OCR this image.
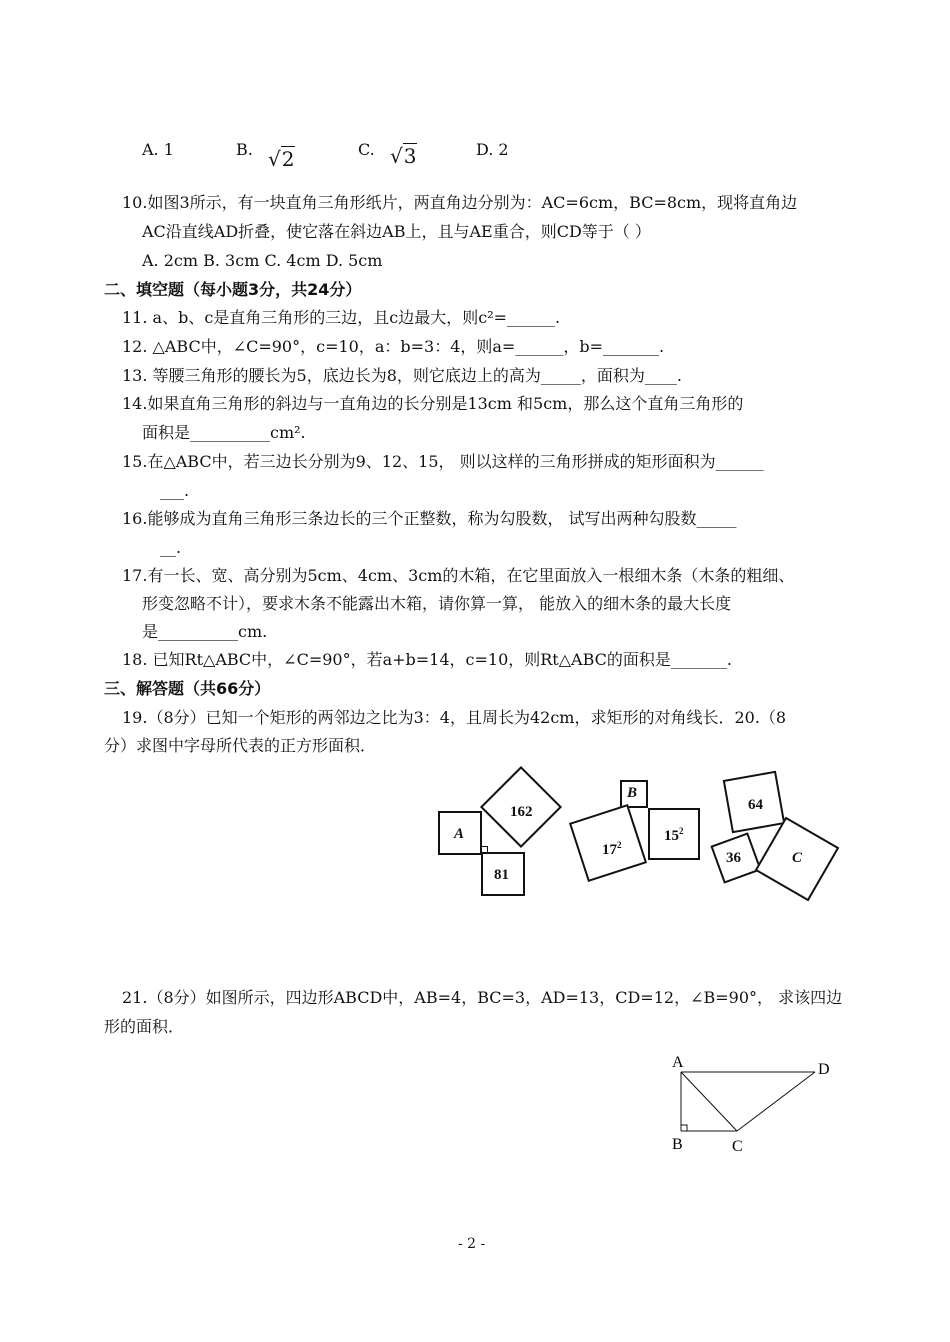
A. 1	B. √2	C. √3	D. 2
10.如图3所示，有一块直角三角形纸片，两直角边分别为：AC=6cm，BC=8cm，现将直角边
AC沿直线AD折叠，使它落在斜边AB上，且与AE重合，则CD等于（ ）
A. 2cm B. 3cm C. 4cm D. 5cm
二、填空题（每小题3分，共24分）
11. a、b、c是直角三角形的三边，且c边最大，则c²=______.
12. △ABC中，∠C=90°，c=10，a：b=3：4，则a=______，b=_______.
13. 等腰三角形的腰长为5，底边长为8，则它底边上的高为_____，面积为____.
14.如果直角三角形的斜边与一直角边的长分别是13cm 和5cm，那么这个直角三角形的
面积是__________cm².
15.在△ABC中，若三边长分别为9、12、15， 则以这样的三角形拼成的矩形面积为______
___.
16.能够成为直角三角形三条边长的三个正整数，称为勾股数， 试写出两种勾股数_____
__.
17.有一长、宽、高分别为5cm、4cm、3cm的木箱，在它里面放入一根细木条（木条的粗细、
形变忽略不计），要求木条不能露出木箱，请你算一算， 能放入的细木条的最大长度
是__________cm.
18. 已知Rt△ABC中，∠C=90°，若a+b=14，c=10，则Rt△ABC的面积是_______.
三、解答题（共66分）
19.（8分）已知一个矩形的两邻边之比为3：4，且周长为42cm，求矩形的对角线长．20.（8
分）求图中字母所代表的正方形面积．
A
162
81
B
$17^2$
$15^2$
64
36	C
21.（8分）如图所示，四边形ABCD中，AB=4，BC=3，AD=13，CD=12，∠B=90°， 求该四边
形的面积．
A
B	C
D
- 2 -
